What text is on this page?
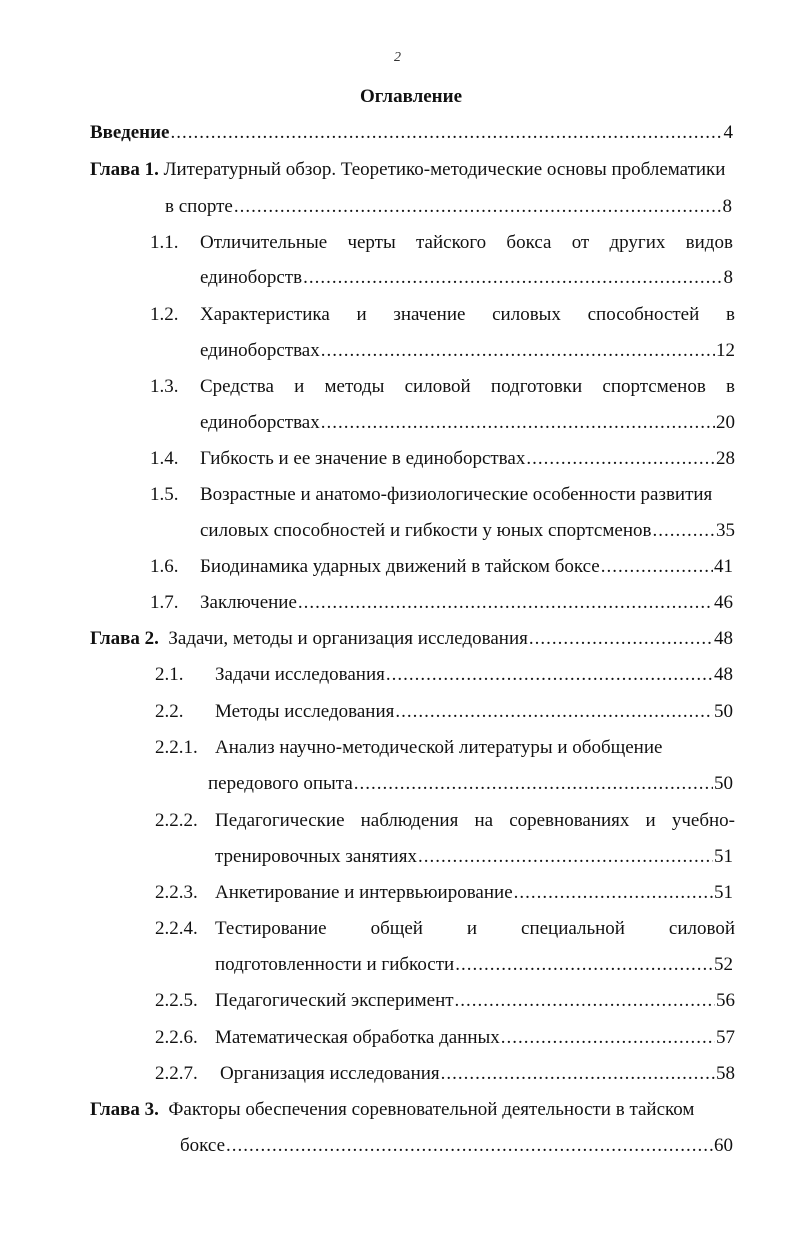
2
Оглавление
Введение .....	4
Глава 1. Литературный обзор. Теоретико-методические основы проблематики
в спорте .....	8
1.1. Отличительные черты тайского бокса от других видов
единоборств .....	8
1.2. Характеристика и значение силовых способностей в
единоборствах .....	12
1.3. Средства и методы силовой подготовки спортсменов в
единоборствах .....	20
1.4. Гибкость и ее значение в единоборствах .....	28
1.5. Возрастные и анатомо-физиологические особенности развития
силовых способностей и гибкости у юных спортсменов .....	35
1.6. Биодинамика ударных движений в тайском боксе .....	41
1.7. Заключение .....	46
Глава 2. Задачи, методы и организация исследования .....	48
2.1. Задачи исследования .....	48
2.2. Методы исследования .....	50
2.2.1. Анализ научно-методической литературы и обобщение
передового опыта .....	50
2.2.2. Педагогические наблюдения на соревнованиях и учебно-
тренировочных занятиях .....	51
2.2.3. Анкетирование и интервьюирование .....	51
2.2.4. Тестирование общей и специальной силовой
подготовленности и гибкости .....	52
2.2.5. Педагогический эксперимент .....	56
2.2.6. Математическая обработка данных .....	57
2.2.7. Организация исследования .....	58
Глава 3. Факторы обеспечения соревновательной деятельности в тайском
боксе .....	60
